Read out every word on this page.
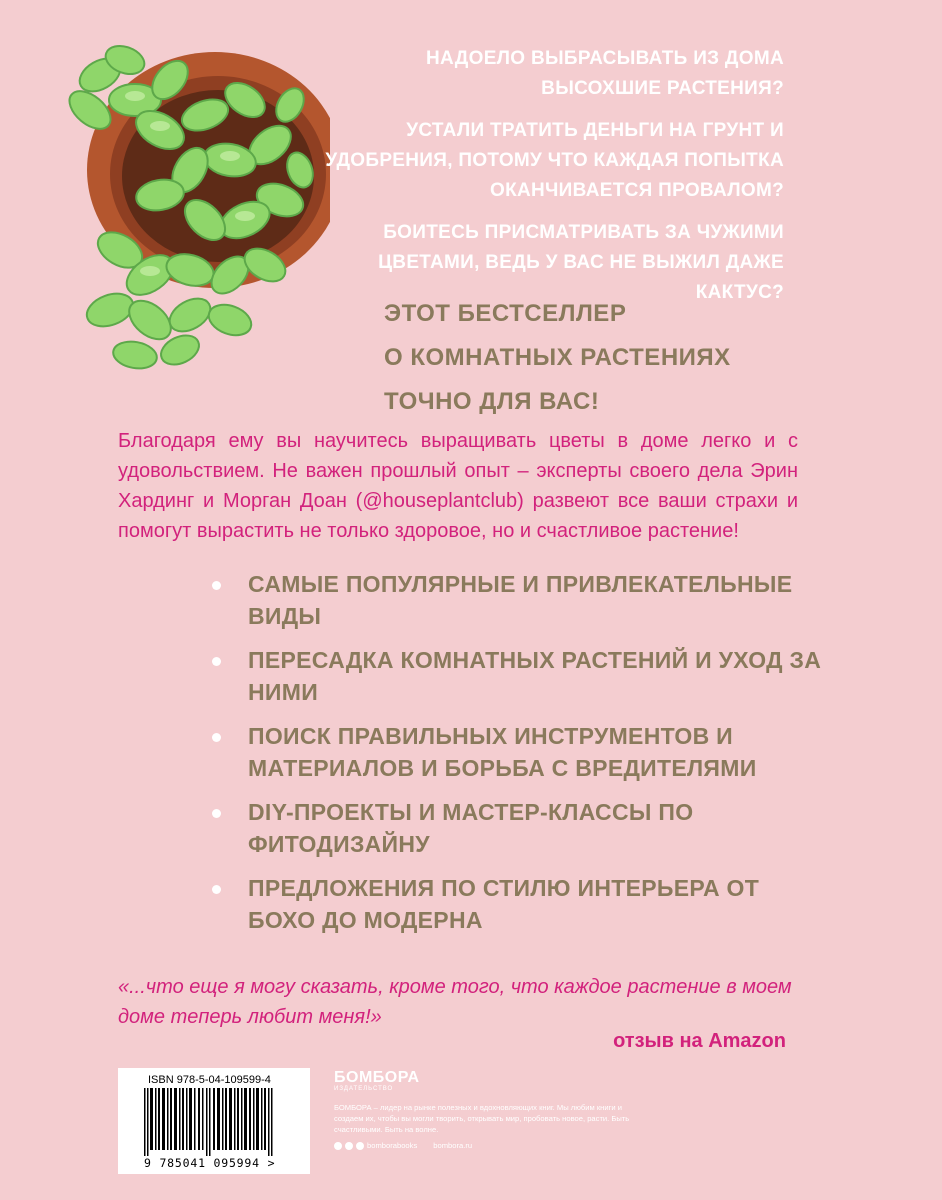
НАДОЕЛО ВЫБРАСЫВАТЬ ИЗ ДОМА ВЫСОХШИЕ РАСТЕНИЯ?

УСТАЛИ ТРАТИТЬ ДЕНЬГИ НА ГРУНТ И УДОБРЕНИЯ, ПОТОМУ ЧТО КАЖДАЯ ПОПЫТКА ОКАНЧИВАЕТСЯ ПРОВАЛОМ?

БОИТЕСЬ ПРИСМАТРИВАТЬ ЗА ЧУЖИМИ ЦВЕТАМИ, ВЕДЬ У ВАС НЕ ВЫЖИЛ ДАЖЕ КАКТУС?

ЭТОТ БЕСТСЕЛЛЕР
О КОМНАТНЫХ РАСТЕНИЯХ
ТОЧНО ДЛЯ ВАС!
Благодаря ему вы научитесь выращивать цветы в доме легко и с удовольствием. Не важен прошлый опыт – эксперты своего дела Эрин Хардинг и Морган Доан (@houseplantclub) развеют все ваши страхи и помогут вырастить не только здоровое, но и счастливое растение!
САМЫЕ ПОПУЛЯРНЫЕ И ПРИВЛЕКАТЕЛЬНЫЕ ВИДЫ
ПЕРЕСАДКА КОМНАТНЫХ РАСТЕНИЙ И УХОД ЗА НИМИ
ПОИСК ПРАВИЛЬНЫХ ИНСТРУМЕНТОВ И МАТЕРИАЛОВ И БОРЬБА С ВРЕДИТЕЛЯМИ
DIY-ПРОЕКТЫ И МАСТЕР-КЛАССЫ ПО ФИТОДИЗАЙНУ
ПРЕДЛОЖЕНИЯ ПО СТИЛЮ ИНТЕРЬЕРА ОТ БОХО ДО МОДЕРНА
«...что еще я могу сказать, кроме того, что каждое растение в моем доме теперь любит меня!»
отзыв на Amazon
ISBN 978-5-04-109599-4
9 785041 095994 >
БОМБОРА
ИЗДАТЕЛЬСТВО
БОМБОРА – лидер на рынке полезных и вдохновляющих книг. Мы любим книги и создаем их, чтобы вы могли творить, открывать мир, пробовать новое, расти. Быть счастливыми. Быть на волне.
bomborabooks bombora.ru
